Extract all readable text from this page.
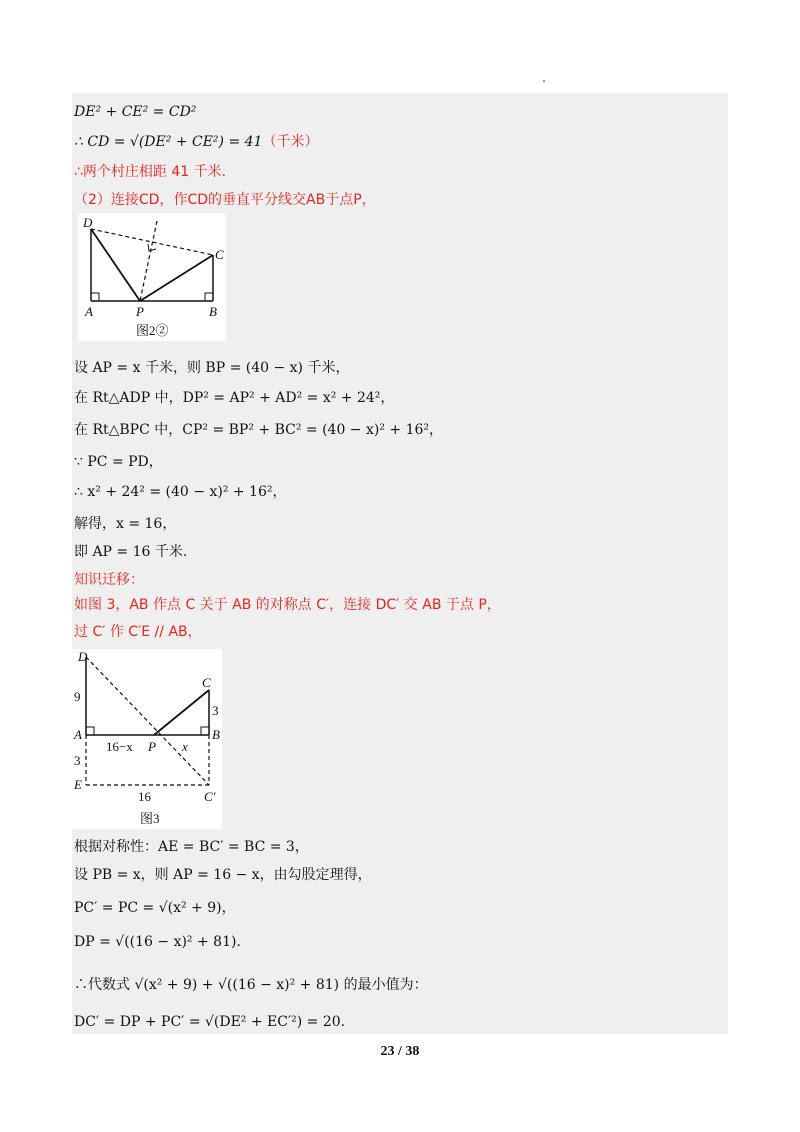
DE² + CE² = CD²
∴ CD = √(DE² + CE²) = 41（千米）
∴两个村庄相距 41 千米.
（2）连接CD，作CD的垂直平分线交AB于点P，
D
C
A	P	B
图2②
设 AP = x 千米，则 BP = (40 − x) 千米，
在 Rt△ADP 中，DP² = AP² + AD² = x² + 24²，
在 Rt△BPC 中，CP² = BP² + BC² = (40 − x)² + 16²，
∵ PC = PD，
∴ x² + 24² = (40 − x)² + 16²，
解得，x = 16，
即 AP = 16 千米.
知识迁移：
如图 3，AB 作点 C 关于 AB 的对称点 C′，连接 DC′ 交 AB 于点 P，
过 C′ 作 C′E // AB，
D
C
9
3
A	B
16−x P x
3
E
C′
16
图3
根据对称性：AE = BC′ = BC = 3，
设 PB = x，则 AP = 16 − x，由勾股定理得，
PC′ = PC = √(x² + 9)，
DP = √((16 − x)² + 81)．
∴代数式 √(x² + 9) + √((16 − x)² + 81) 的最小值为：
DC′ = DP + PC′ = √(DE² + EC′²) = 20．
23 / 38
